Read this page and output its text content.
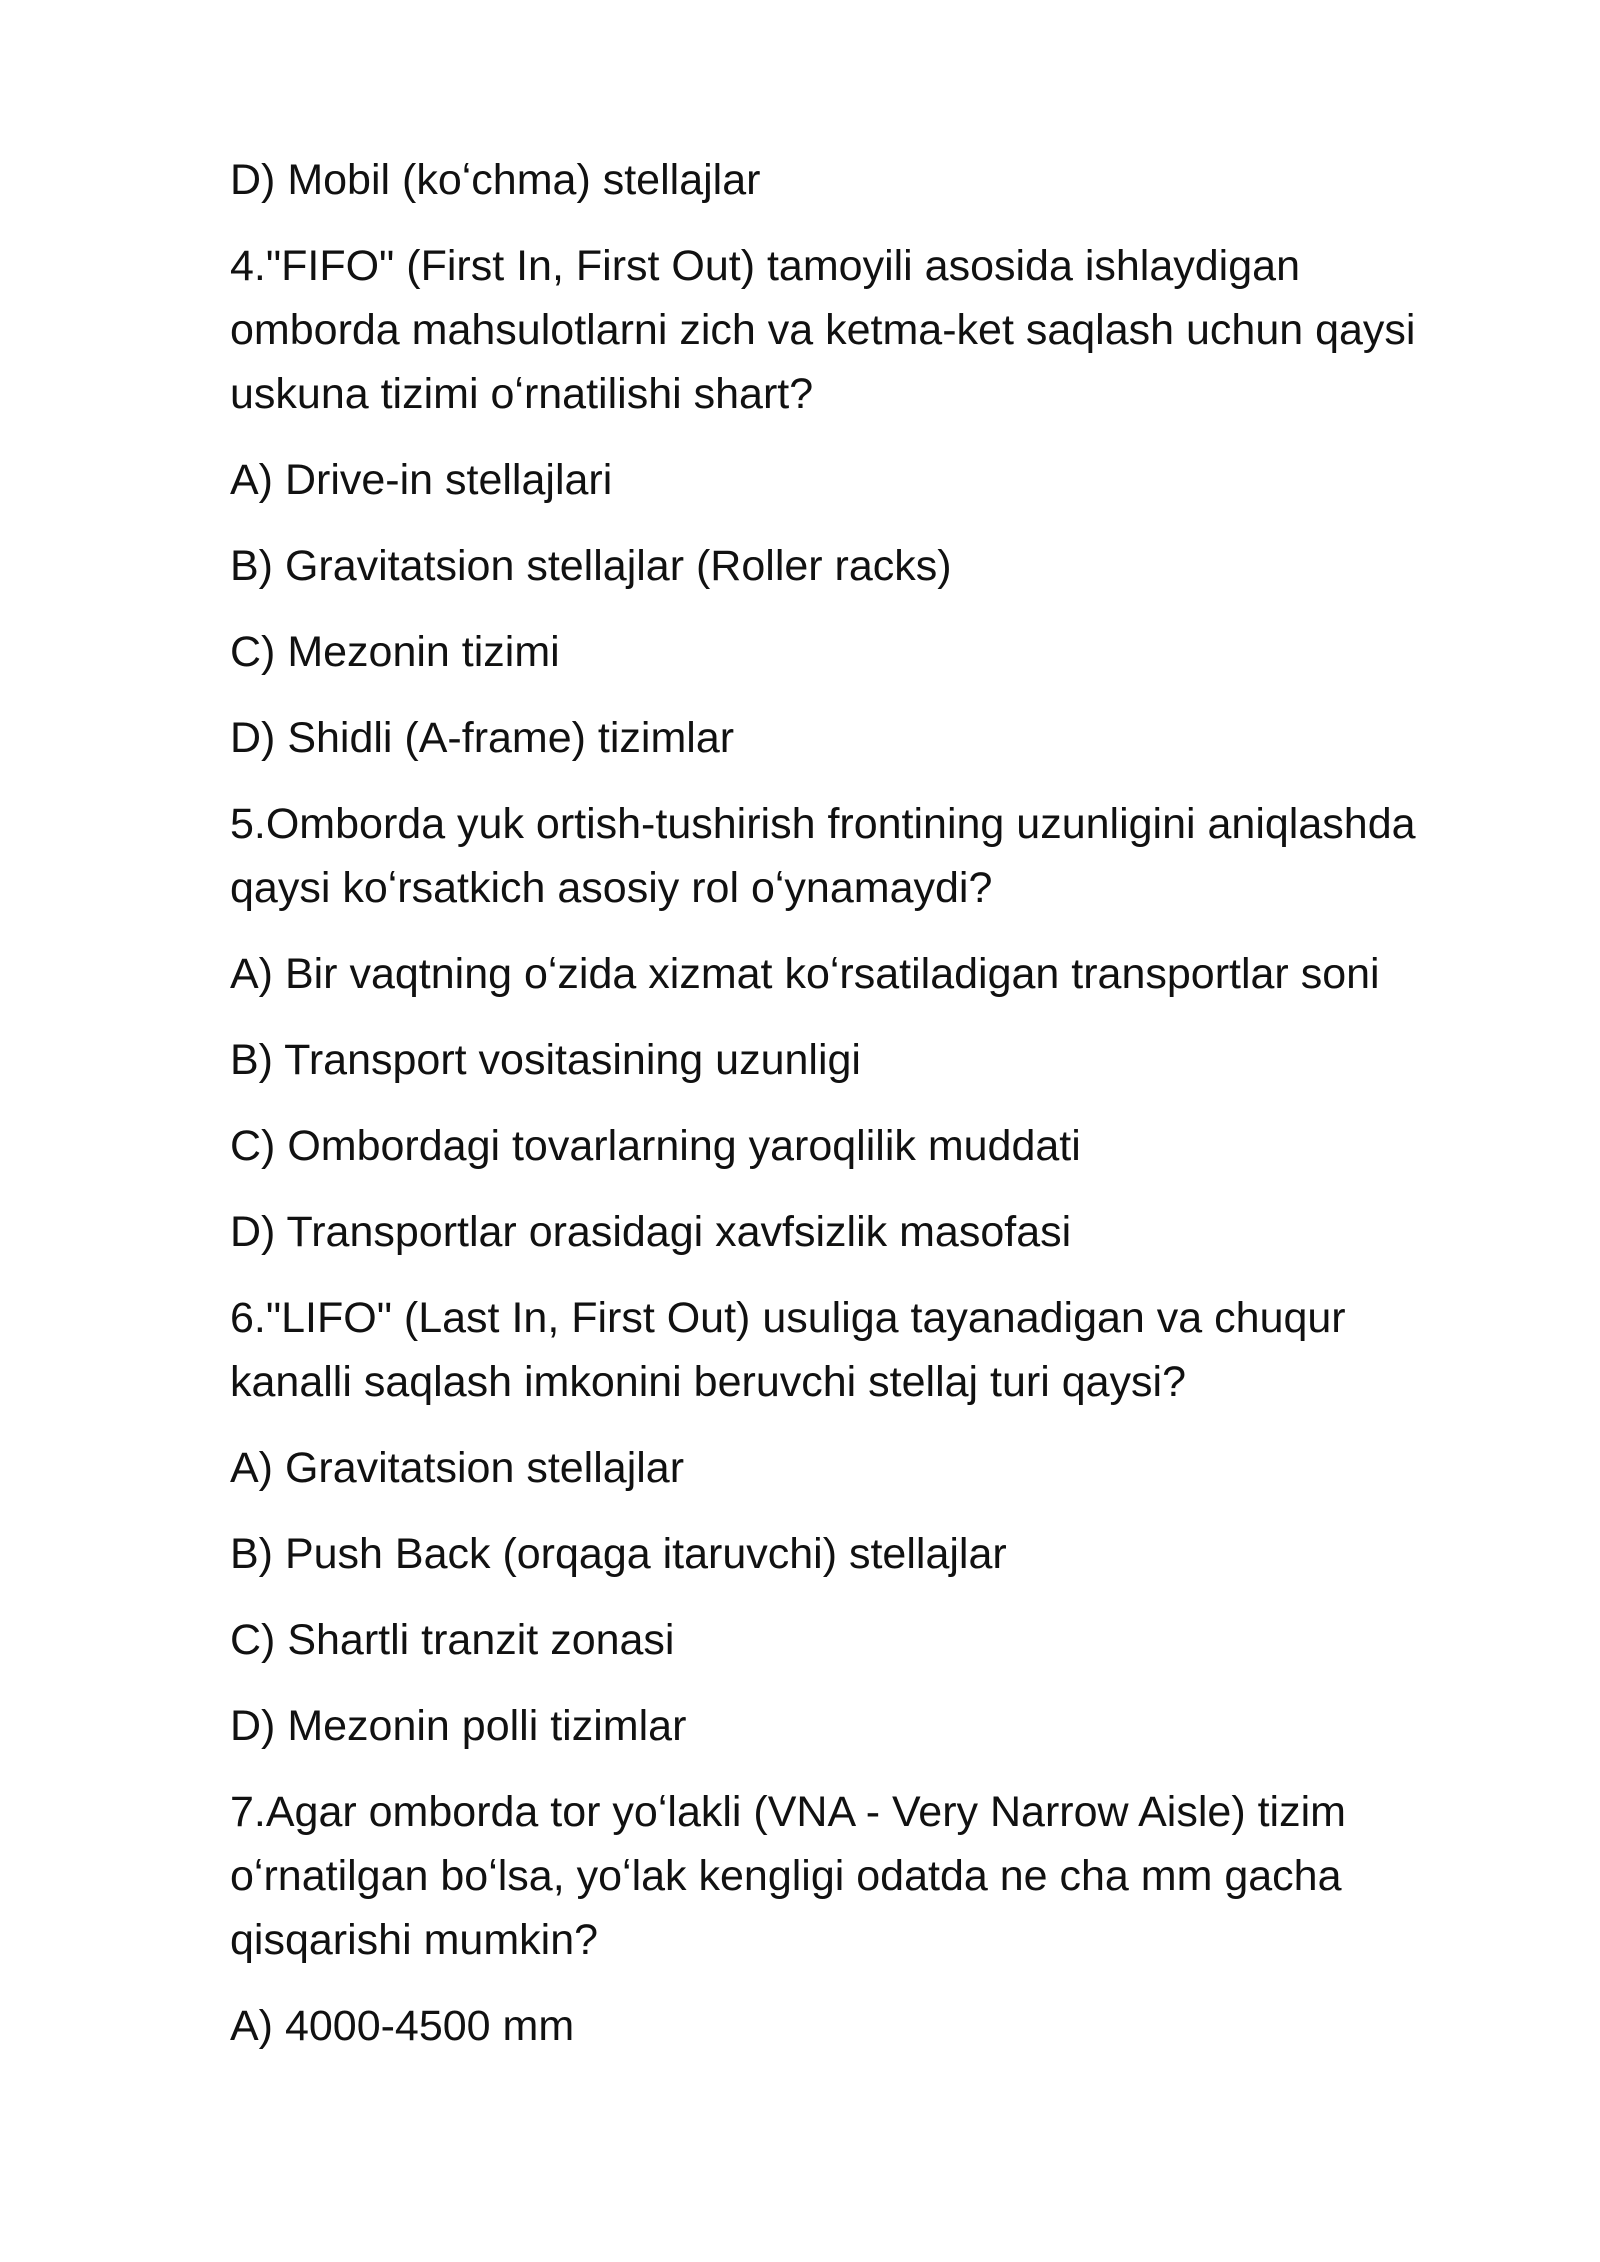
D) Mobil (koʻchma) stellajlar

4."FIFO" (First In, First Out) tamoyili asosida ishlaydigan

omborda mahsulotlarni zich va ketma-ket saqlash uchun qaysi

uskuna tizimi oʻrnatilishi shart?

A) Drive-in stellajlari

B) Gravitatsion stellajlar (Roller racks)

C) Mezonin tizimi

D) Shidli (A-frame) tizimlar

5.Omborda yuk ortish-tushirish frontining uzunligini aniqlashda

qaysi koʻrsatkich asosiy rol oʻynamaydi?

A) Bir vaqtning oʻzida xizmat koʻrsatiladigan transportlar soni

B) Transport vositasining uzunligi

C) Ombordagi tovarlarning yaroqlilik muddati

D) Transportlar orasidagi xavfsizlik masofasi

6."LIFO" (Last In, First Out) usuliga tayanadigan va chuqur

kanalli saqlash imkonini beruvchi stellaj turi qaysi?

A) Gravitatsion stellajlar

B) Push Back (orqaga itaruvchi) stellajlar

C) Shartli tranzit zonasi

D) Mezonin polli tizimlar

7.Agar omborda tor yoʻlakli (VNA - Very Narrow Aisle) tizim

oʻrnatilgan boʻlsa, yoʻlak kengligi odatda ne cha mm gacha

qisqarishi mumkin?

A) 4000-4500 mm
